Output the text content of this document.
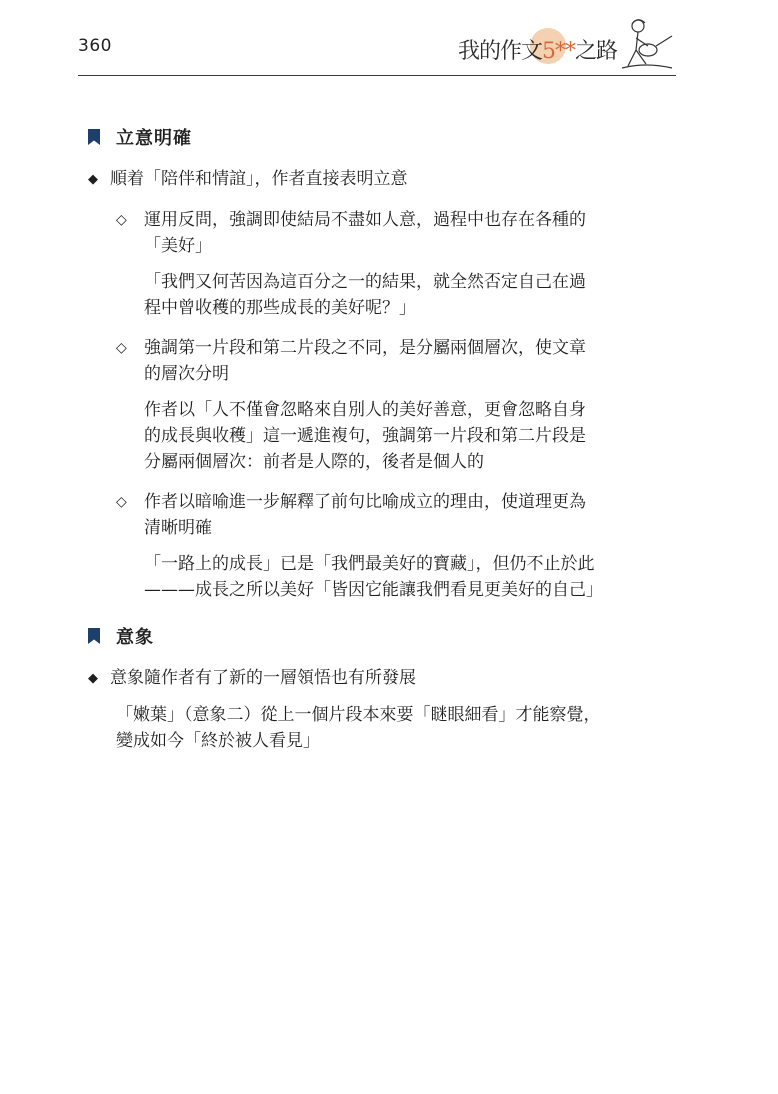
360	我的作文5**之路
立意明確
◆ 順着「陪伴和情誼」，作者直接表明立意
◇	運用反問，強調即使結局不盡如人意，過程中也存在各種的「美好」
「我們又何苦因為這百分之一的結果，就全然否定自己在過程中曾收穫的那些成長的美好呢？」
◇	強調第一片段和第二片段之不同，是分屬兩個層次，使文章的層次分明
作者以「人不僅會忽略來自別人的美好善意，更會忽略自身的成長與收穫」這一遞進複句，強調第一片段和第二片段是分屬兩個層次：前者是人際的，後者是個人的
◇	作者以暗喻進一步解釋了前句比喻成立的理由，使道理更為清晰明確
「一路上的成長」已是「我們最美好的寶藏」，但仍不止於此———成長之所以美好「皆因它能讓我們看見更美好的自己」
意象
◆ 意象隨作者有了新的一層領悟也有所發展
「嫩葉」（意象二）從上一個片段本來要「瞇眼細看」才能察覺，變成如今「終於被人看見」
